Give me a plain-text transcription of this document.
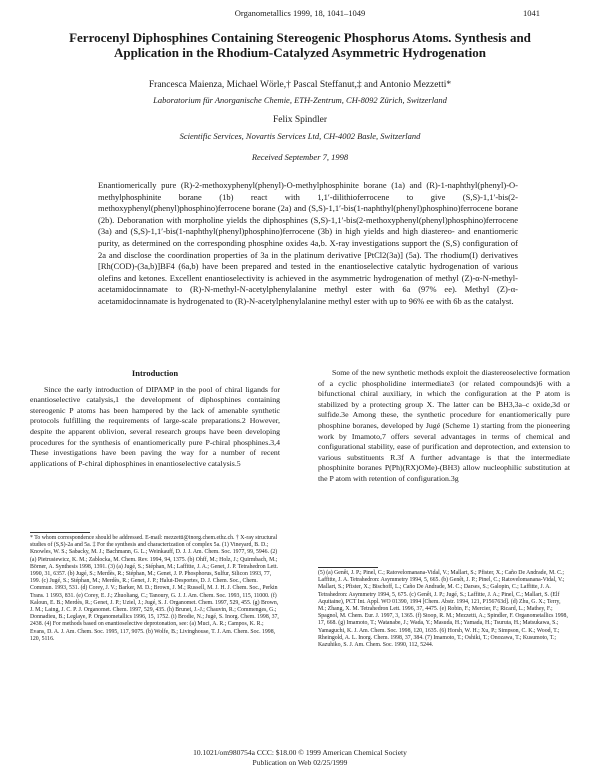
Organometallics 1999, 18, 1041–1049	1041
Ferrocenyl Diphosphines Containing Stereogenic Phosphorus Atoms. Synthesis and Application in the Rhodium-Catalyzed Asymmetric Hydrogenation
Francesca Maienza, Michael Wörle,† Pascal Steffanut,‡ and Antonio Mezzetti*
Laboratorium für Anorganische Chemie, ETH-Zentrum, CH-8092 Zürich, Switzerland
Felix Spindler
Scientific Services, Novartis Services Ltd, CH-4002 Basle, Switzerland
Received September 7, 1998
Enantiomerically pure (R)-2-methoxyphenyl(phenyl)-O-methylphosphinite borane (1a) and (R)-1-naphthyl(phenyl)-O-methylphosphinite borane (1b) react with 1,1′-dilithioferrocene to give (S,S)-1,1′-bis(2-methoxyphenyl(phenyl)phosphino)ferrocene borane (2a) and (S,S)-1,1′-bis(1-naphthyl(phenyl)phosphino)ferrocene borane (2b). Deboranation with morpholine yields the diphosphines (S,S)-1,1′-bis(2-methoxyphenyl(phenyl)phosphino)ferrocene (3a) and (S,S)-1,1′-bis(1-naphthyl(phenyl)phosphino)ferrocene (3b) in high yields and high diastereo- and enantiomeric purity, as determined on the corresponding phosphine oxides 4a,b. X-ray investigations support the (S,S) configuration of 2a and disclose the coordination properties of 3a in the platinum derivative [PtCl2(3a)] (5a). The rhodium(I) derivatives [Rh(COD)-(3a,b)]BF4 (6a,b) have been prepared and tested in the enantioselective catalytic hydrogenation of various olefins and ketones. Excellent enantioselectivity is achieved in the asymmetric hydrogenation of methyl (Z)-α-N-methyl-acetamidocinnamate to (R)-N-methyl-N-acetylphenylalanine methyl ester with 6a (97% ee). Methyl (Z)-α-acetamidocinnamate is hydrogenated to (R)-N-acetylphenylalanine methyl ester with up to 96% ee with 6b as the catalyst.
Introduction

Since the early introduction of DIPAMP in the pool of chiral ligands for enantioselective catalysis,1 the development of diphosphines containing stereogenic P atoms has been hampered by the lack of amenable synthetic protocols fulfilling the requirements of large-scale preparations.2 However, despite the apparent oblivion, several research groups have been developing procedures for the synthesis of enantiomerically pure P-chiral phosphines.3,4 These investigations have been paving the way for a number of recent applications of P-chiral diphosphines in enantioselective catalysis.5

Some of the new synthetic methods exploit the diastereoselective formation of a cyclic phospholidine intermediate3 (or related compounds)6 with a bifunctional chiral auxiliary, in which the configuration at the P atom is stabilized by a protecting group X. The latter can be BH3,3a–c oxide,3d or sulfide.3e Among these, the synthetic procedure for enantiomerically pure phosphine boranes, developed by Jugé (Scheme 1) starting from the pioneering work by Imamoto,7 offers several advantages in terms of chemical and configurational stability, ease of purification and deprotection, and extension to various substituents R.3f A further advantage is that the intermediate phosphinite boranes P(Ph)(RX)OMe)-(BH3) allow nucleophilic substitution at the P atom with retention of configuration.3g

* To whom correspondence should be addressed. E-mail: mezzetti@inorg.chem.ethz.ch. † X-ray structural studies of (S,S)-2a and 5a. ‡ For the synthesis and characterization of complex 5a. (1) Vineyard, B. D.; Knowles, W. S.; Sabacky, M. J.; Bachmann, G. L.; Weinkauff, D. J. J. Am. Chem. Soc. 1977, 99, 5946. (2) (a) Pietrusiewicz, K. M.; Zablocka, M. Chem. Rev. 1994, 94, 1375. (b) Ohff, M.; Holz, J.; Quirmbach, M.; Börner, A. Synthesis 1998, 1391. (3) (a) Jugé, S.; Stéphan, M.; Laffitte, J. A.; Genet, J. P. Tetrahedron Lett. 1990, 31, 6357. (b) Jugé, S.; Merdès, R.; Stéphan, M.; Genet, J. P. Phosphorus, Sulfur, Silicon 1993, 77, 199. (c) Jugé, S.; Stéphan, M.; Merdès, R.; Genet, J. P.; Halut-Desportes, D. J. Chem. Soc., Chem. Commun. 1993, 531. (d) Corey, J. V.; Barker, M. D.; Brown, J. M.; Russell, M. J. H. J. Chem. Soc., Perkin Trans. 1 1993, 831. (e) Corey, E. J.; Zhuoliang, C.; Tanoury, G. J. J. Am. Chem. Soc. 1993, 115, 11000. (f) Kaloun, E. B.; Merdès, R.; Genet, J. P.; Uziel, J.; Jugé, S. J. Organomet. Chem. 1997, 529, 455. (g) Brown, J. M.; Laing, J. C. P. J. Organomet. Chem. 1997, 529, 435. (h) Brunet, J.-J.; Chauvin, R.; Commenges, G.; Donnadieu, B.; Leglaye, P. Organometallics 1996, 15, 1752. (i) Brodie, N.; Jugé, S. Inorg. Chem. 1998, 37, 2438. (4) For methods based on enantioselective deprotonation, see: (a) Muci, A. R.; Campos, K. R.; Evans, D. A. J. Am. Chem. Soc. 1995, 117, 9075. (b) Wolfe, B.; Livinghouse, T. J. Am. Chem. Soc. 1998, 120, 5116.
(5) (a) Genêt, J. P.; Pinel, C.; Ratovelomanana-Vidal, V.; Mallart, S.; Pfister, X.; Caño De Andrade, M. C.; Laffitte, J. A. Tetrahedron: Asymmetry 1994, 5, 665. (b) Genêt, J. P.; Pinel, C.; Ratovelomanana-Vidal, V.; Mallart, S.; Pfister, X.; Bischoff, L.; Caño De Andrade, M. C.; Darses, S.; Galopin, C.; Laffitte, J. A. Tetrahedron: Asymmetry 1994, 5, 675. (c) Genêt, J. P.; Jugé, S.; Laffitte, J. A.; Pinel, C.; Mallart, S. (Elf Aquitaine), PCT Int. Appl. WO 01390, 1994 [Chem. Abstr. 1994, 121, P156763d]. (d) Zhu, G. X.; Terry, M.; Zhang, X. M. Tetrahedron Lett. 1996, 37, 4475. (e) Robin, F.; Mercier, F.; Ricard, L.; Mathey, F.; Spagnol, M. Chem. Eur. J. 1997, 3, 1365. (f) Stoop, R. M.; Mezzetti, A.; Spindler, F. Organometallics 1998, 17, 668. (g) Imamoto, T.; Watanabe, J.; Wada, Y.; Masuda, H.; Yamada, H.; Tsuruta, H.; Matsukawa, S.; Yamaguchi, K. J. Am. Chem. Soc. 1998, 120, 1635. (6) Horsh, W. H.; Xu, P.; Simpson, C. K.; Wood, T.; Rheingold, A. L. Inorg. Chem. 1998, 37, 384. (7) Imamoto, T.; Oshiki, T.; Onozawa, T.; Kusumoto, T.; Kazuhiko, S. J. Am. Chem. Soc. 1990, 112, 5244.
10.1021/om980754a CCC: $18.00 © 1999 American Chemical Society
Publication on Web 02/25/1999
